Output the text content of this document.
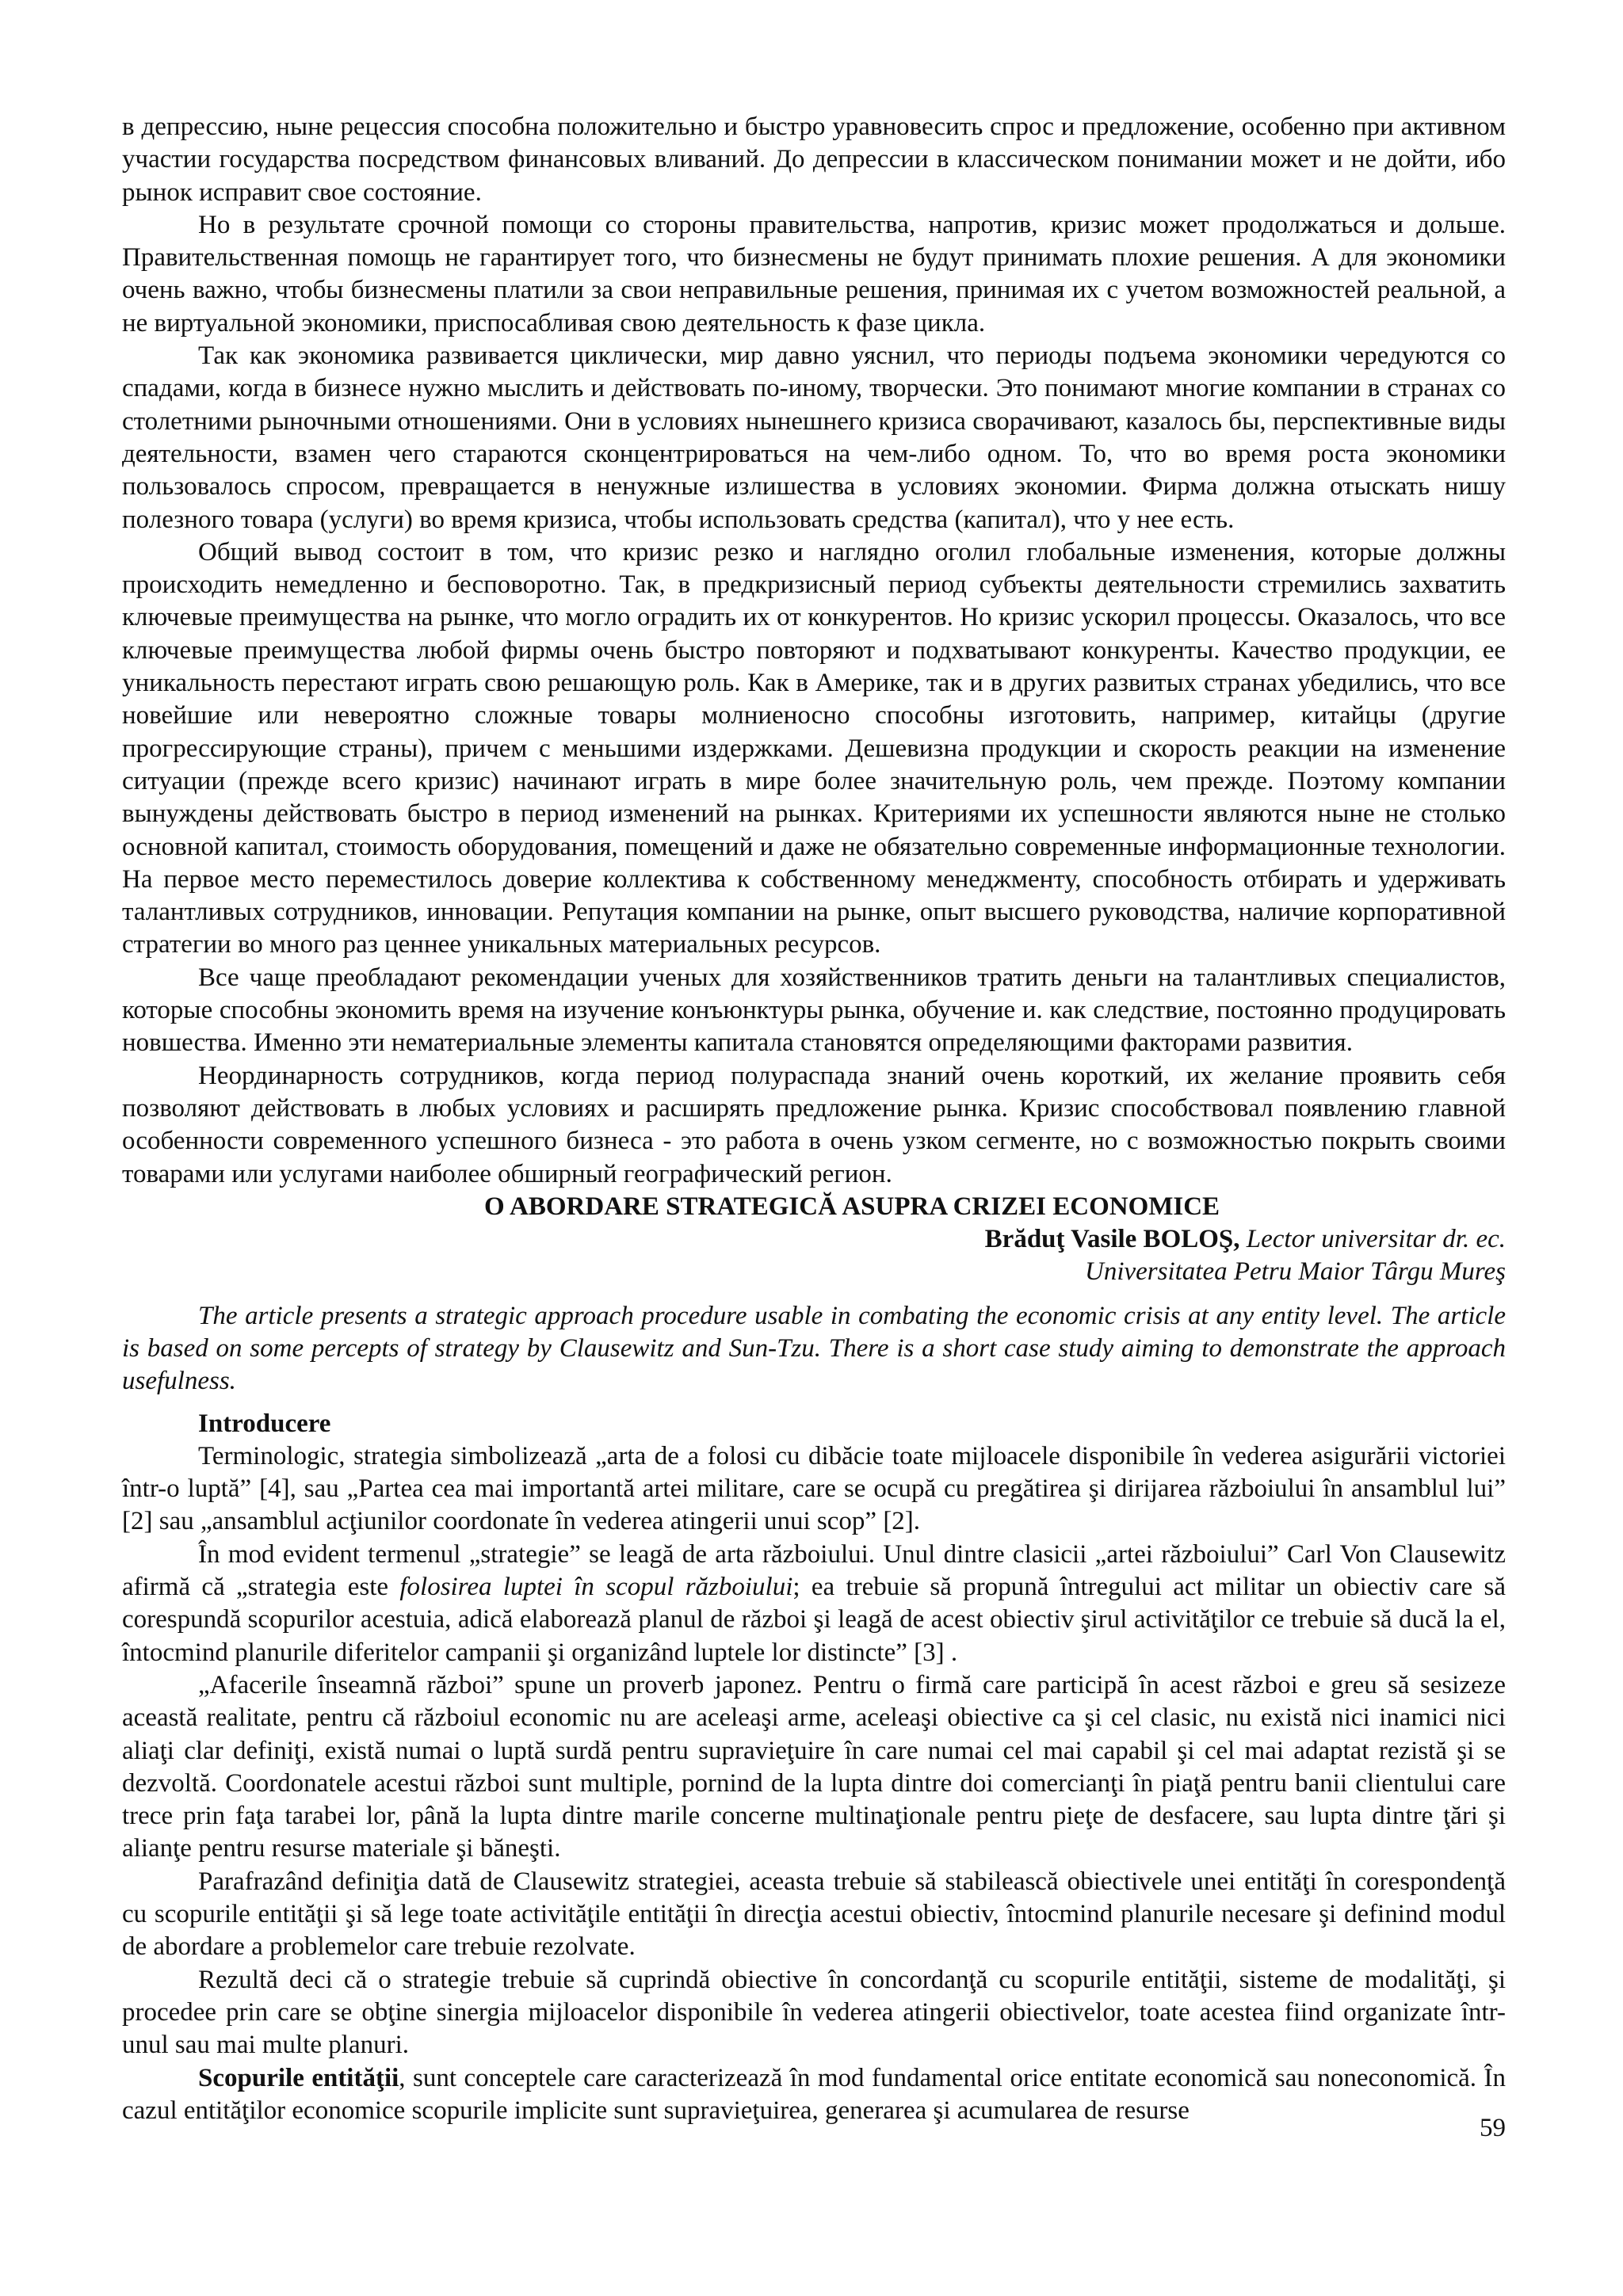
в депрессию, ныне рецессия способна положительно и быстро уравновесить спрос и предложение, особенно при активном участии государства посредством финансовых вливаний. До депрессии в классическом понимании может и не дойти, ибо рынок исправит свое состояние.

Но в результате срочной помощи со стороны правительства, напротив, кризис может продолжаться и дольше. Правительственная помощь не гарантирует того, что бизнесмены не будут принимать плохие решения. А для экономики очень важно, чтобы бизнесмены платили за свои неправильные решения, принимая их с учетом возможностей реальной, а не виртуальной экономики, приспосабливая свою деятельность к фазе цикла.

Так как экономика развивается циклически, мир давно уяснил, что периоды подъема экономики чередуются со спадами, когда в бизнесе нужно мыслить и действовать по-иному, творчески. Это понимают многие компании в странах со столетними рыночными отношениями. Они в условиях нынешнего кризиса сворачивают, казалось бы, перспективные виды деятельности, взамен чего стараются сконцентрироваться на чем-либо одном. То, что во время роста экономики пользовалось спросом, превращается в ненужные излишества в условиях экономии. Фирма должна отыскать нишу полезного товара (услуги) во время кризиса, чтобы использовать средства (капитал), что у нее есть.

Общий вывод состоит в том, что кризис резко и наглядно оголил глобальные изменения, которые должны происходить немедленно и бесповоротно. Так, в предкризисный период субъекты деятельности стремились захватить ключевые преимущества на рынке, что могло оградить их от конкурентов. Но кризис ускорил процессы. Оказалось, что все ключевые преимущества любой фирмы очень быстро повторяют и подхватывают конкуренты. Качество продукции, ее уникальность перестают играть свою решающую роль. Как в Америке, так и в других развитых странах убедились, что все новейшие или невероятно сложные товары молниеносно способны изготовить, например, китайцы (другие прогрессирующие страны), причем с меньшими издержками. Дешевизна продукции и скорость реакции на изменение ситуации (прежде всего кризис) начинают играть в мире более значительную роль, чем прежде. Поэтому компании вынуждены действовать быстро в период изменений на рынках. Критериями их успешности являются ныне не столько основной капитал, стоимость оборудования, помещений и даже не обязательно современные информационные технологии. На первое место переместилось доверие коллектива к собственному менеджменту, способность отбирать и удерживать талантливых сотрудников, инновации. Репутация компании на рынке, опыт высшего руководства, наличие корпоративной стратегии во много раз ценнее уникальных материальных ресурсов.

Все чаще преобладают рекомендации ученых для хозяйственников тратить деньги на талантливых специалистов, которые способны экономить время на изучение конъюнктуры рынка, обучение и. как следствие, постоянно продуцировать новшества. Именно эти нематериальные элементы капитала становятся определяющими факторами развития.

Неординарность сотрудников, когда период полураспада знаний очень короткий, их желание проявить себя позволяют действовать в любых условиях и расширять предложение рынка. Кризис способствовал появлению главной особенности современного успешного бизнеса - это работа в очень узком сегменте, но с возможностью покрыть своими товарами или услугами наиболее обширный географический регион.

O ABORDARE STRATEGICĂ ASUPRA CRIZEI ECONOMICE

Brăduţ Vasile BOLOŞ, Lector universitar dr. ec.
Universitatea Petru Maior Târgu Mureş

The article presents a strategic approach procedure usable in combating the economic crisis at any entity level. The article is based on some percepts of strategy by Clausewitz and Sun-Tzu. There is a short case study aiming to demonstrate the approach usefulness.

Introducere

Terminologic, strategia simbolizează „arta de a folosi cu dibăcie toate mijloacele disponibile în vederea asigurării victoriei într-o luptă” [4], sau „Partea cea mai importantă artei militare, care se ocupă cu pregătirea şi dirijarea războiului în ansamblul lui” [2] sau „ansamblul acţiunilor coordonate în vederea atingerii unui scop” [2].

În mod evident termenul „strategie” se leagă de arta războiului. Unul dintre clasicii „artei războiului” Carl Von Clausewitz afirmă că „strategia este folosirea luptei în scopul războiului; ea trebuie să propună întregului act militar un obiectiv care să corespundă scopurilor acestuia, adică elaborează planul de război şi leagă de acest obiectiv şirul activităţilor ce trebuie să ducă la el, întocmind planurile diferitelor campanii şi organizând luptele lor distincte” [3] .

„Afacerile înseamnă război” spune un proverb japonez. Pentru o firmă care participă în acest război e greu să sesizeze această realitate, pentru că războiul economic nu are aceleaşi arme, aceleaşi obiective ca şi cel clasic, nu există nici inamici nici aliaţi clar definiţi, există numai o luptă surdă pentru supravieţuire în care numai cel mai capabil şi cel mai adaptat rezistă şi se dezvoltă. Coordonatele acestui război sunt multiple, pornind de la lupta dintre doi comercianţi în piaţă pentru banii clientului care trece prin faţa tarabei lor, până la lupta dintre marile concerne multinaţionale pentru pieţe de desfacere, sau lupta dintre ţări şi alianţe pentru resurse materiale şi băneşti.

Parafrazând definiţia dată de Clausewitz strategiei, aceasta trebuie să stabilească obiectivele unei entităţi în corespondenţă cu scopurile entităţii şi să lege toate activităţile entităţii în direcţia acestui obiectiv, întocmind planurile necesare şi definind modul de abordare a problemelor care trebuie rezolvate.

Rezultă deci că o strategie trebuie să cuprindă obiective în concordanţă cu scopurile entităţii, sisteme de modalităţi, şi procedee prin care se obţine sinergia mijloacelor disponibile în vederea atingerii obiectivelor, toate acestea fiind organizate într-unul sau mai multe planuri.

Scopurile entităţii, sunt conceptele care caracterizează în mod fundamental orice entitate economică sau noneconomică. În cazul entităţilor economice scopurile implicite sunt supravieţuirea, generarea şi acumularea de resurse

59
